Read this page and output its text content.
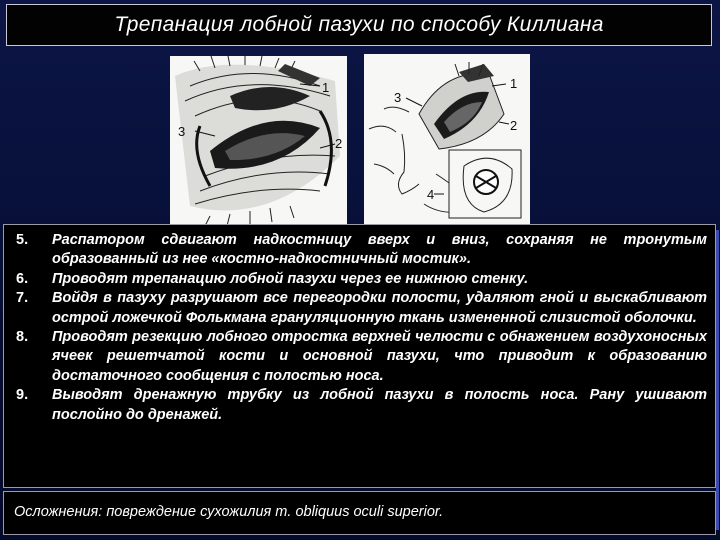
Трепанация лобной пазухи по способу Киллиана
1
3
2
3
1
2
4
5.	Распатором сдвигают надкостницу вверх и вниз, сохраняя не тронутым образованный из нее «костно-надкостничный мостик».
6.	Проводят трепанацию лобной пазухи через ее нижнюю стенку.
7.	Войдя в пазуху разрушают все перегородки полости, удаляют гной и выскабливают острой ложечкой Фолькмана грануляционную ткань измененной слизистой оболочки.
8.	Проводят резекцию лобного отростка верхней челюсти с обнажением воздухоносных ячеек решетчатой кости и основной пазухи, что приводит к образованию достаточного сообщения с полостью носа.
9.	Выводят дренажную трубку из лобной пазухи в полость носа. Рану ушивают послойно до дренажей.
Осложнения: повреждение сухожилия m. obliquus oculi superior.
